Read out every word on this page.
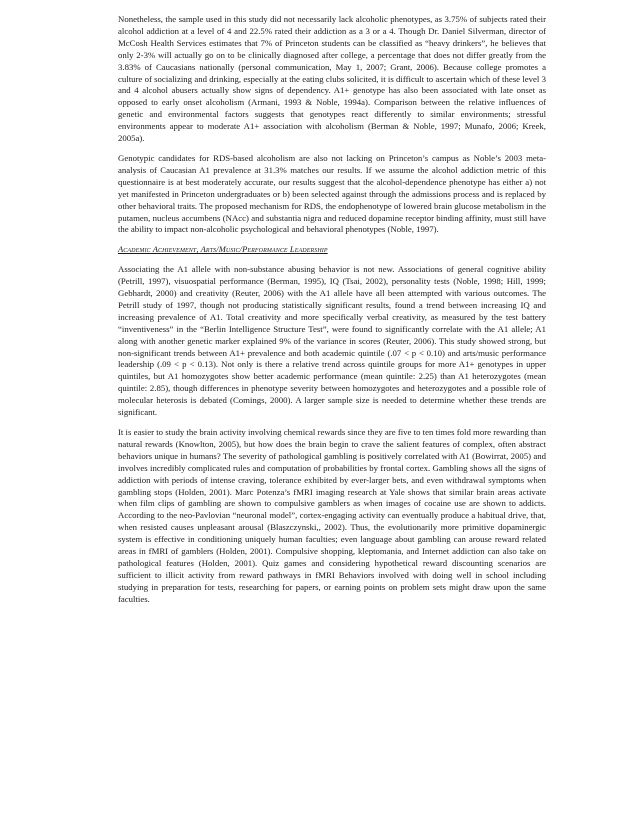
Nonetheless, the sample used in this study did not necessarily lack alcoholic phenotypes, as 3.75% of subjects rated their alcohol addiction at a level of 4 and 22.5% rated their addiction as a 3 or a 4. Though Dr. Daniel Silverman, director of McCosh Health Services estimates that 7% of Princeton students can be classified as “heavy drinkers”, he believes that only 2-3% will actually go on to be clinically diagnosed after college, a percentage that does not differ greatly from the 3.83% of Caucasians nationally (personal communication, May 1, 2007; Grant, 2006). Because college promotes a culture of socializing and drinking, especially at the eating clubs solicited, it is difficult to ascertain which of these level 3 and 4 alcohol abusers actually show signs of dependency. A1+ genotype has also been associated with late onset as opposed to early onset alcoholism (Armani, 1993 & Noble, 1994a). Comparison between the relative influences of genetic and environmental factors suggests that genotypes react differently to similar environments; stressful environments appear to moderate A1+ association with alcoholism (Berman & Noble, 1997; Munafo, 2006; Kreek, 2005a).

Genotypic candidates for RDS-based alcoholism are also not lacking on Princeton’s campus as Noble’s 2003 meta-analysis of Caucasian A1 prevalence at 31.3% matches our results. If we assume the alcohol addiction metric of this questionnaire is at best moderately accurate, our results suggest that the alcohol-dependence phenotype has either a) not yet manifested in Princeton undergraduates or b) been selected against through the admissions process and is replaced by other behavioral traits. The proposed mechanism for RDS, the endophenotype of lowered brain glucose metabolism in the putamen, nucleus accumbens (NAcc) and substantia nigra and reduced dopamine receptor binding affinity, must still have the ability to impact non-alcoholic psychological and behavioral phenotypes (Noble, 1997).

Academic Achievement, Arts/Music/Performance Leadership

Associating the A1 allele with non-substance abusing behavior is not new. Associations of general cognitive ability (Petrill, 1997), visuospatial performance (Berman, 1995), IQ (Tsai, 2002), personality tests (Noble, 1998; Hill, 1999; Gebhardt, 2000) and creativity (Reuter, 2006) with the A1 allele have all been attempted with various outcomes. The Petrill study of 1997, though not producing statistically significant results, found a trend between increasing IQ and increasing prevalence of A1. Total creativity and more specifically verbal creativity, as measured by the test battery “inventiveness” in the “Berlin Intelligence Structure Test”, were found to significantly correlate with the A1 allele; A1 along with another genetic marker explained 9% of the variance in scores (Reuter, 2006). This study showed strong, but non-significant trends between A1+ prevalence and both academic quintile (.07 < p < 0.10) and arts/music performance leadership (.09 < p < 0.13). Not only is there a relative trend across quintile groups for more A1+ genotypes in upper quintiles, but A1 homozygotes show better academic performance (mean quintile: 2.25) than A1 heterozygotes (mean quintile: 2.85), though differences in phenotype severity between homozygotes and heterozygotes and a possible role of molecular heterosis is debated (Comings, 2000). A larger sample size is needed to determine whether these trends are significant.

It is easier to study the brain activity involving chemical rewards since they are five to ten times fold more rewarding than natural rewards (Knowlton, 2005), but how does the brain begin to crave the salient features of complex, often abstract behaviors unique in humans? The severity of pathological gambling is positively correlated with A1 (Bowirrat, 2005) and involves incredibly complicated rules and computation of probabilities by frontal cortex. Gambling shows all the signs of addiction with periods of intense craving, tolerance exhibited by ever-larger bets, and even withdrawal symptoms when gambling stops (Holden, 2001). Marc Potenza’s fMRI imaging research at Yale shows that similar brain areas activate when film clips of gambling are shown to compulsive gamblers as when images of cocaine use are shown to addicts. According to the neo-Pavlovian “neuronal model”, cortex-engaging activity can eventually produce a habitual drive, that, when resisted causes unpleasant arousal (Blaszczynski,, 2002). Thus, the evolutionarily more primitive dopaminergic system is effective in conditioning uniquely human faculties; even language about gambling can arouse reward related areas in fMRI of gamblers (Holden, 2001). Compulsive shopping, kleptomania, and Internet addiction can also take on pathological features (Holden, 2001). Quiz games and considering hypothetical reward discounting scenarios are sufficient to illicit activity from reward pathways in fMRI Behaviors involved with doing well in school including studying in preparation for tests, researching for papers, or earning points on problem sets might draw upon the same faculties.
